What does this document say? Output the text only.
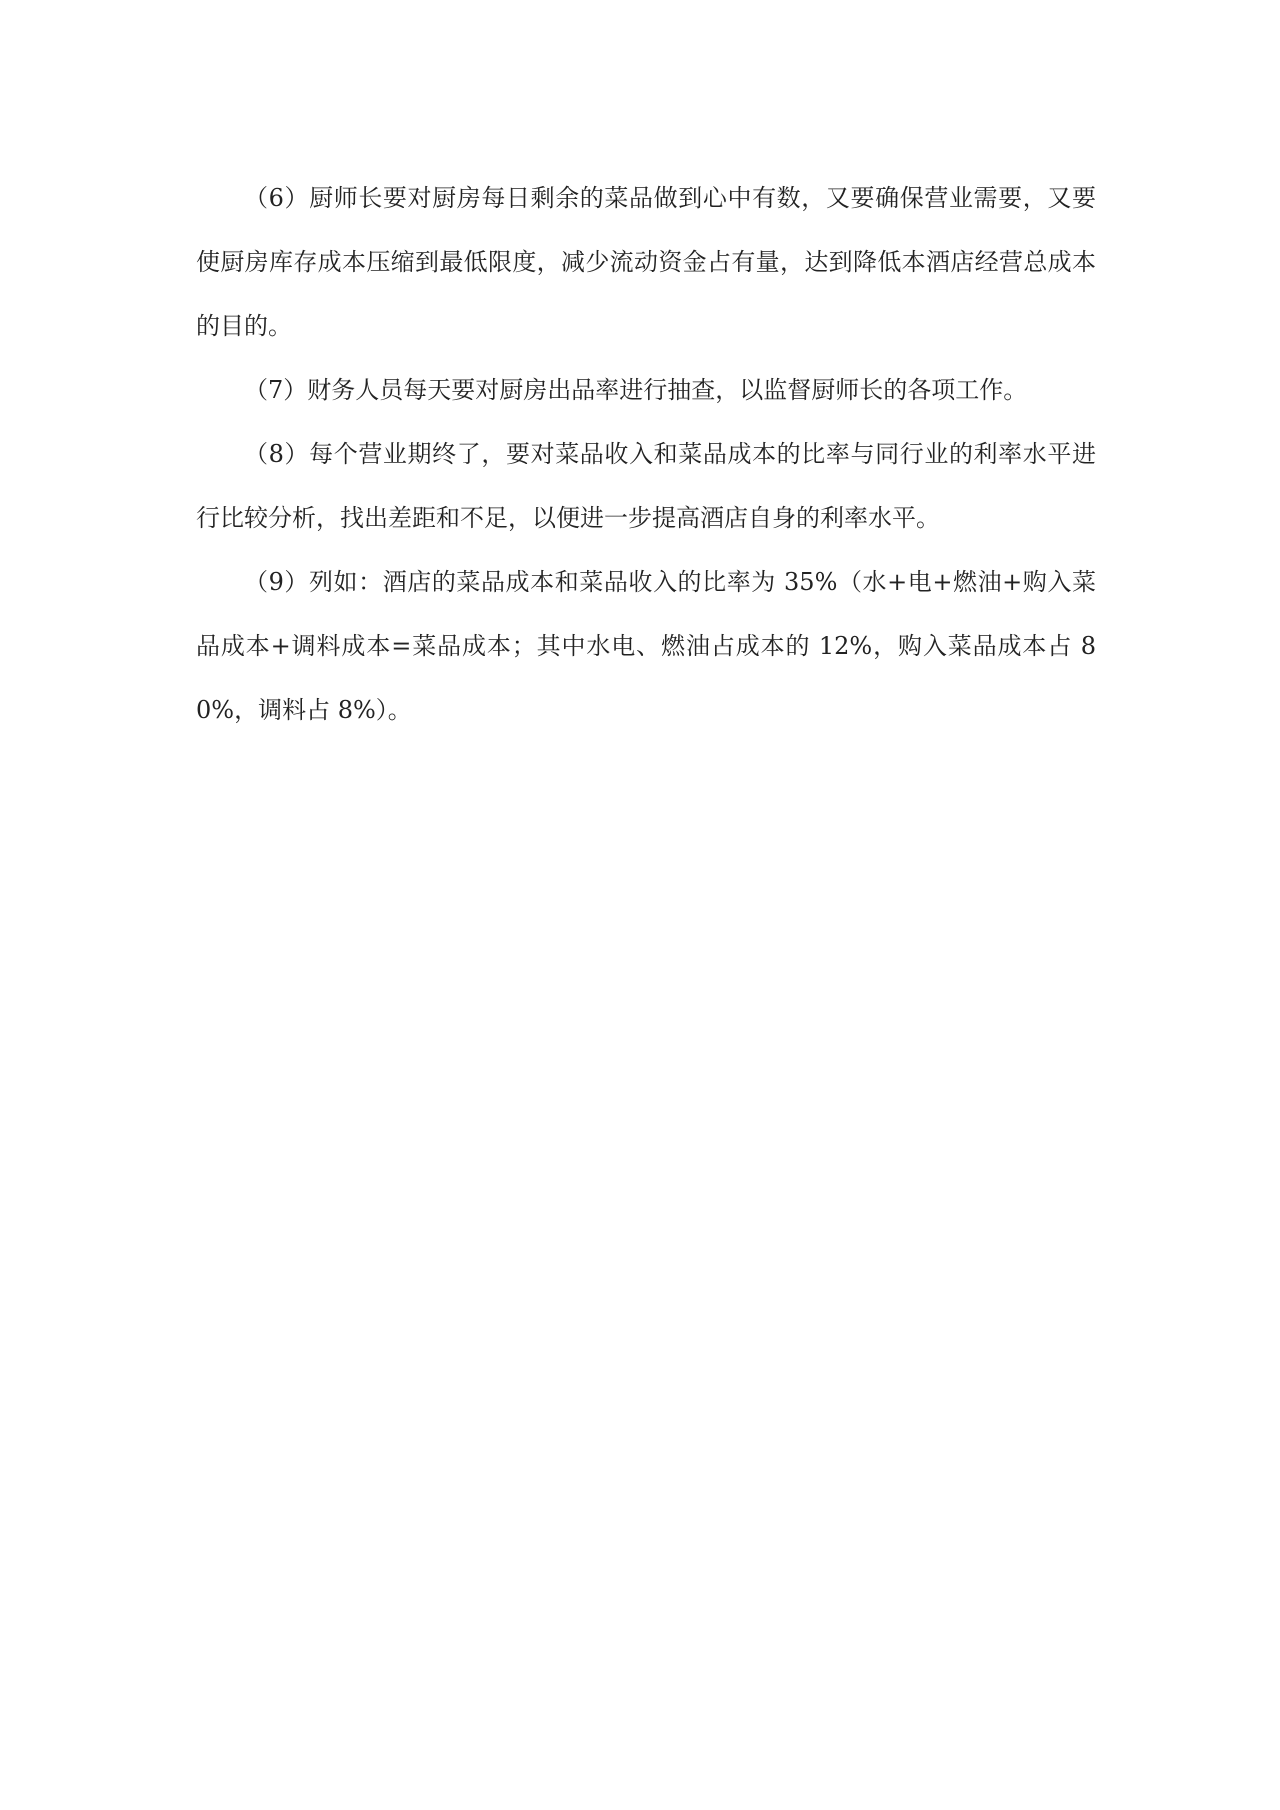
（6）厨师长要对厨房每日剩余的菜品做到心中有数，又要确保营业需要，又要使厨房库存成本压缩到最低限度，减少流动资金占有量，达到降低本酒店经营总成本的目的。

（7）财务人员每天要对厨房出品率进行抽查，以监督厨师长的各项工作。

（8）每个营业期终了，要对菜品收入和菜品成本的比率与同行业的利率水平进行比较分析，找出差距和不足，以便进一步提高酒店自身的利率水平。

（9）列如：酒店的菜品成本和菜品收入的比率为 35%（水+电+燃油+购入菜品成本+调料成本=菜品成本；其中水电、燃油占成本的 12%，购入菜品成本占 80%，调料占 8%）。
